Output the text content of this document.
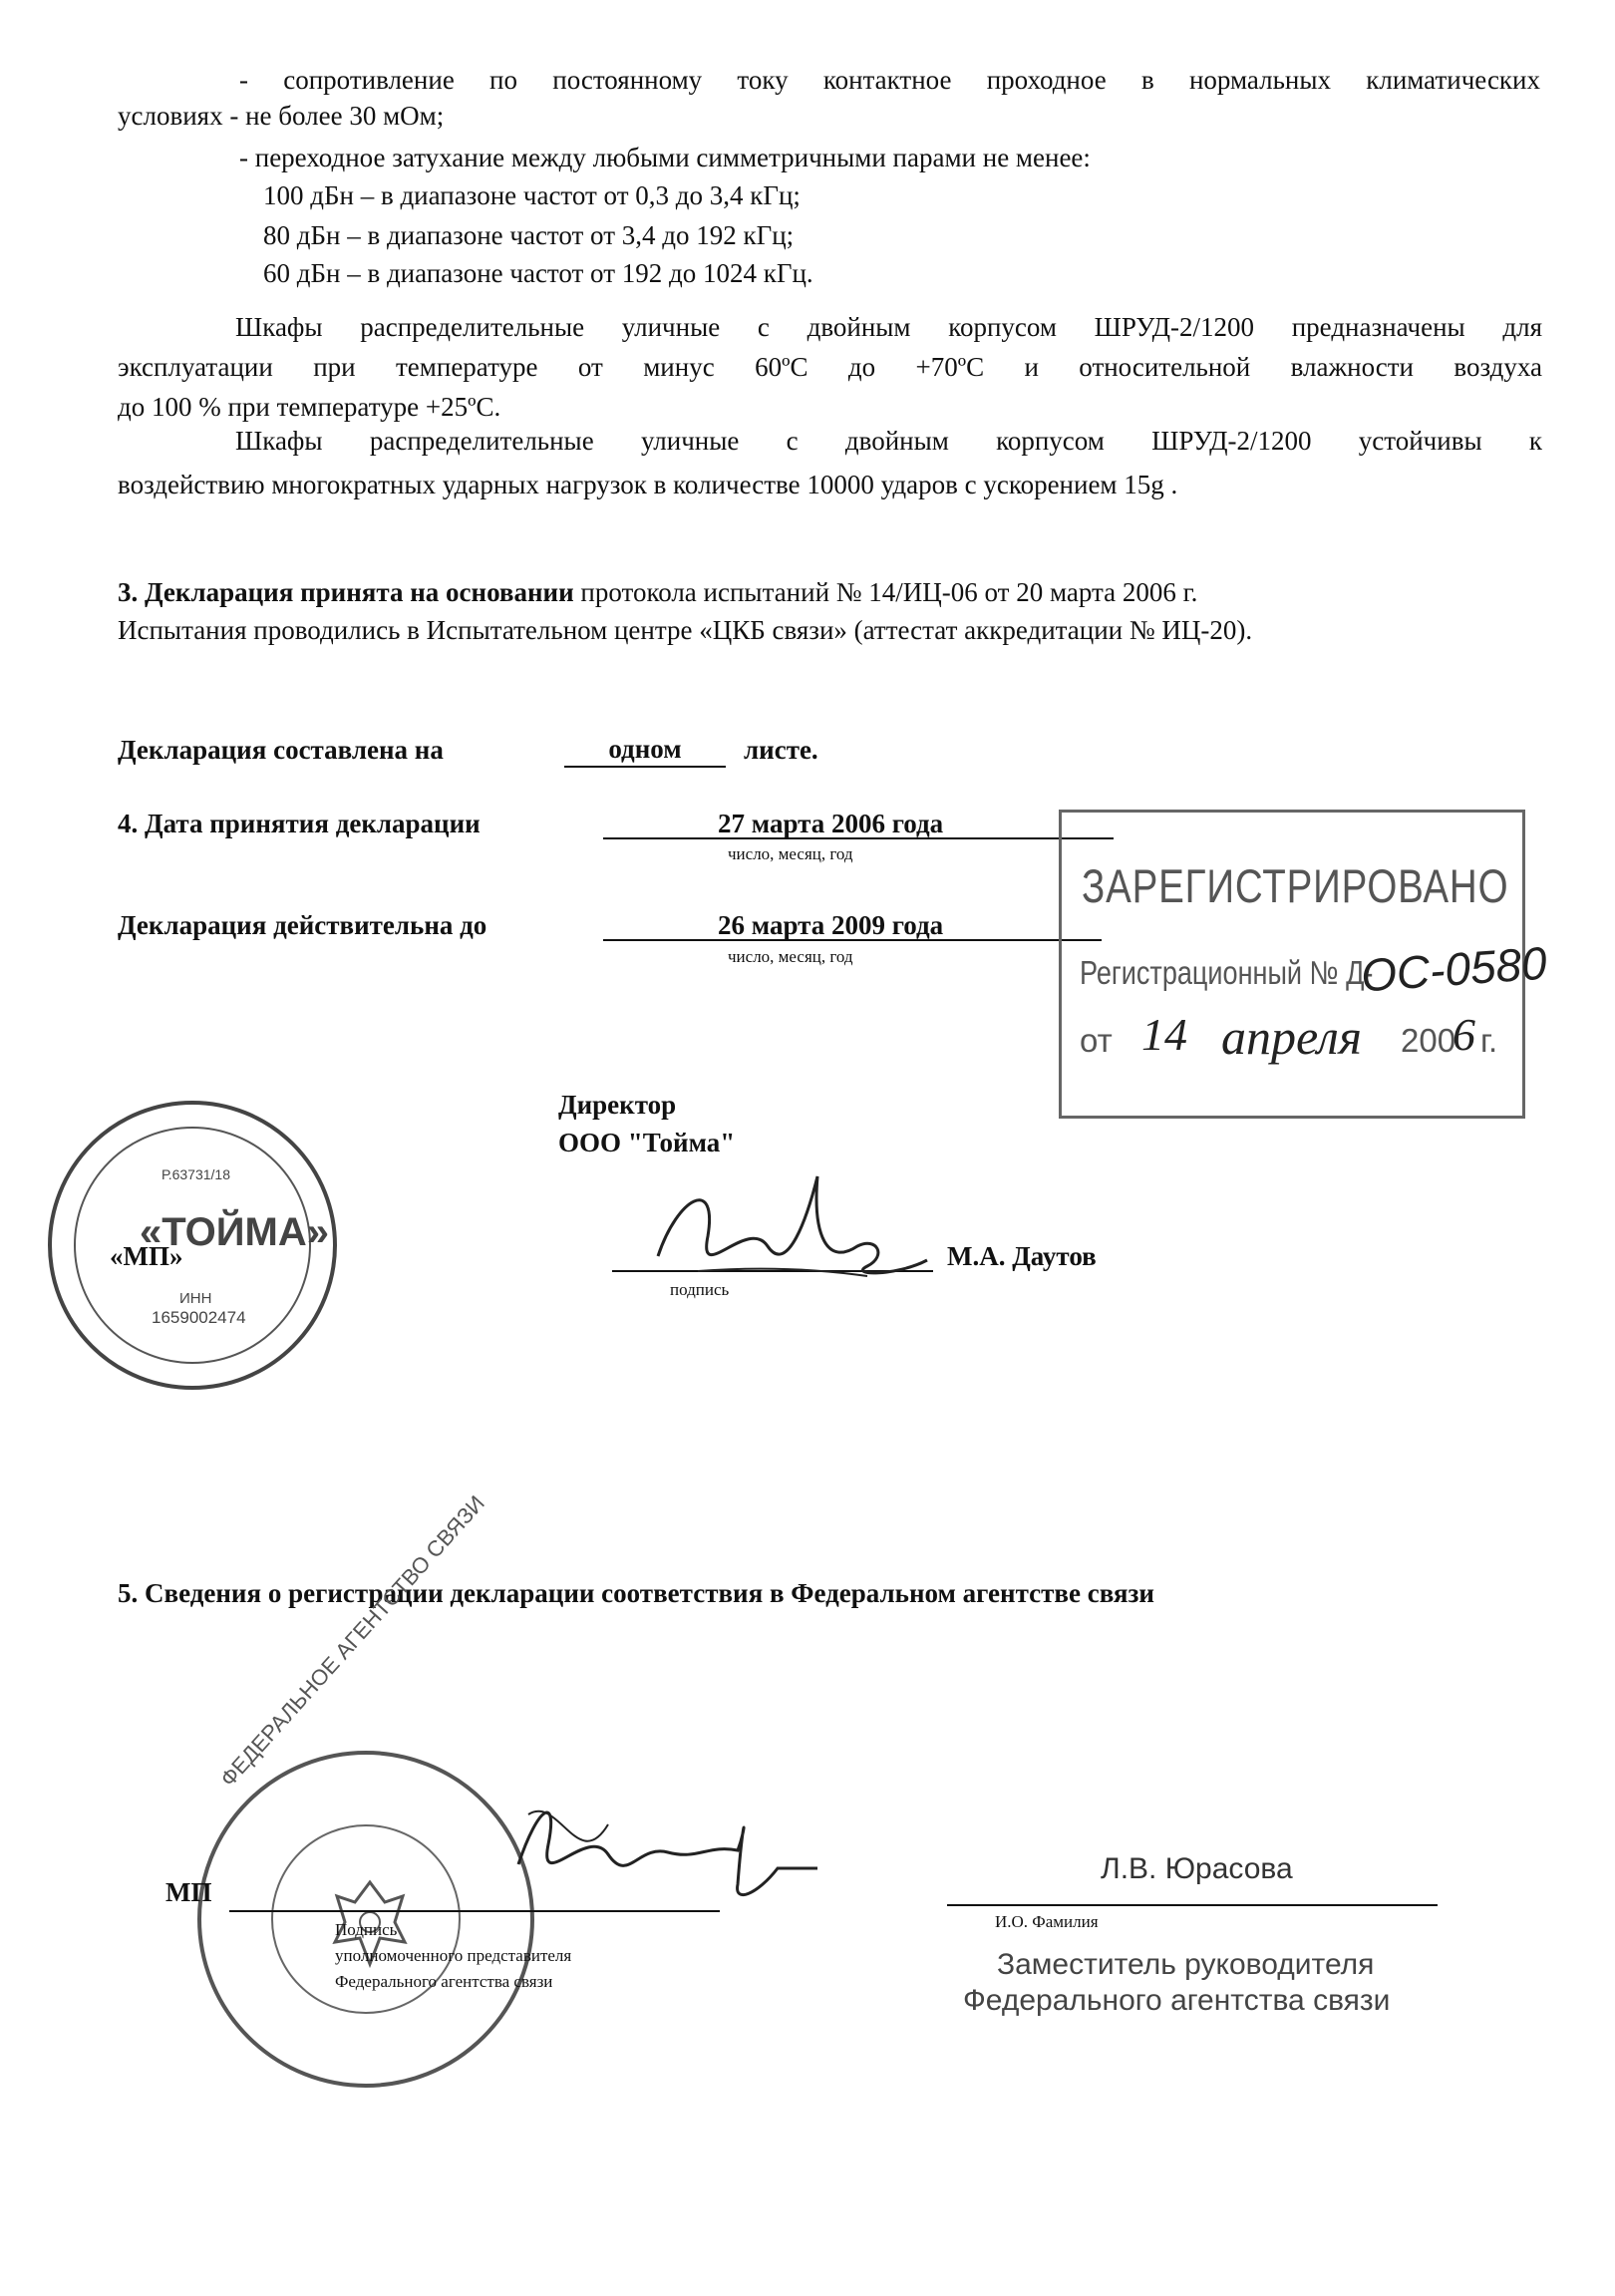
- сопротивление по постоянному току контактное проходное в нормальных климатических
условиях - не более 30 мОм;
- переходное затухание между любыми симметричными парами не менее:
100 дБн – в диапазоне частот от 0,3 до 3,4 кГц;
80 дБн – в диапазоне частот от 3,4 до 192 кГц;
60 дБн – в диапазоне частот от 192 до 1024 кГц.
Шкафы распределительные уличные с двойным корпусом ШРУД-2/1200 предназначены для
эксплуатации при температуре от минус 60ºС до +70ºС и относительной влажности воздуха
до 100 % при температуре +25ºС.
Шкафы распределительные уличные с двойным корпусом ШРУД-2/1200 устойчивы к
воздействию многократных ударных нагрузок в количестве 10000 ударов с ускорением 15g .
3. Декларация принята на основании протокола испытаний № 14/ИЦ-06 от 20 марта 2006 г.
Испытания проводились в Испытательном центре «ЦКБ связи» (аттестат аккредитации № ИЦ-20).
Декларация составлена на	одном	листе.
4. Дата принятия декларации	27 марта 2006 года
число, месяц, год
Декларация действительна до	26 марта 2009 года
число, месяц, год
ЗАРЕГИСТРИРОВАНО
Регистрационный № Д-
ОС-0580
от 14 апреля 200
6 г.
Директор
ООО "Тойма"
Р.63731/18
«ТОЙМА»
ИНН
1659002474
«МП»
подпись
М.А. Даутов
5. Сведения о регистрации декларации соответствия в Федеральном агентстве связи
ФЕДЕРАЛЬНОЕ АГЕНТСТВО СВЯЗИ
МП
Подпись
уполномоченного представителя
Федерального агентства связи
Л.В. Юрасова
И.О. Фамилия
Заместитель руководителя
Федерального агентства связи
